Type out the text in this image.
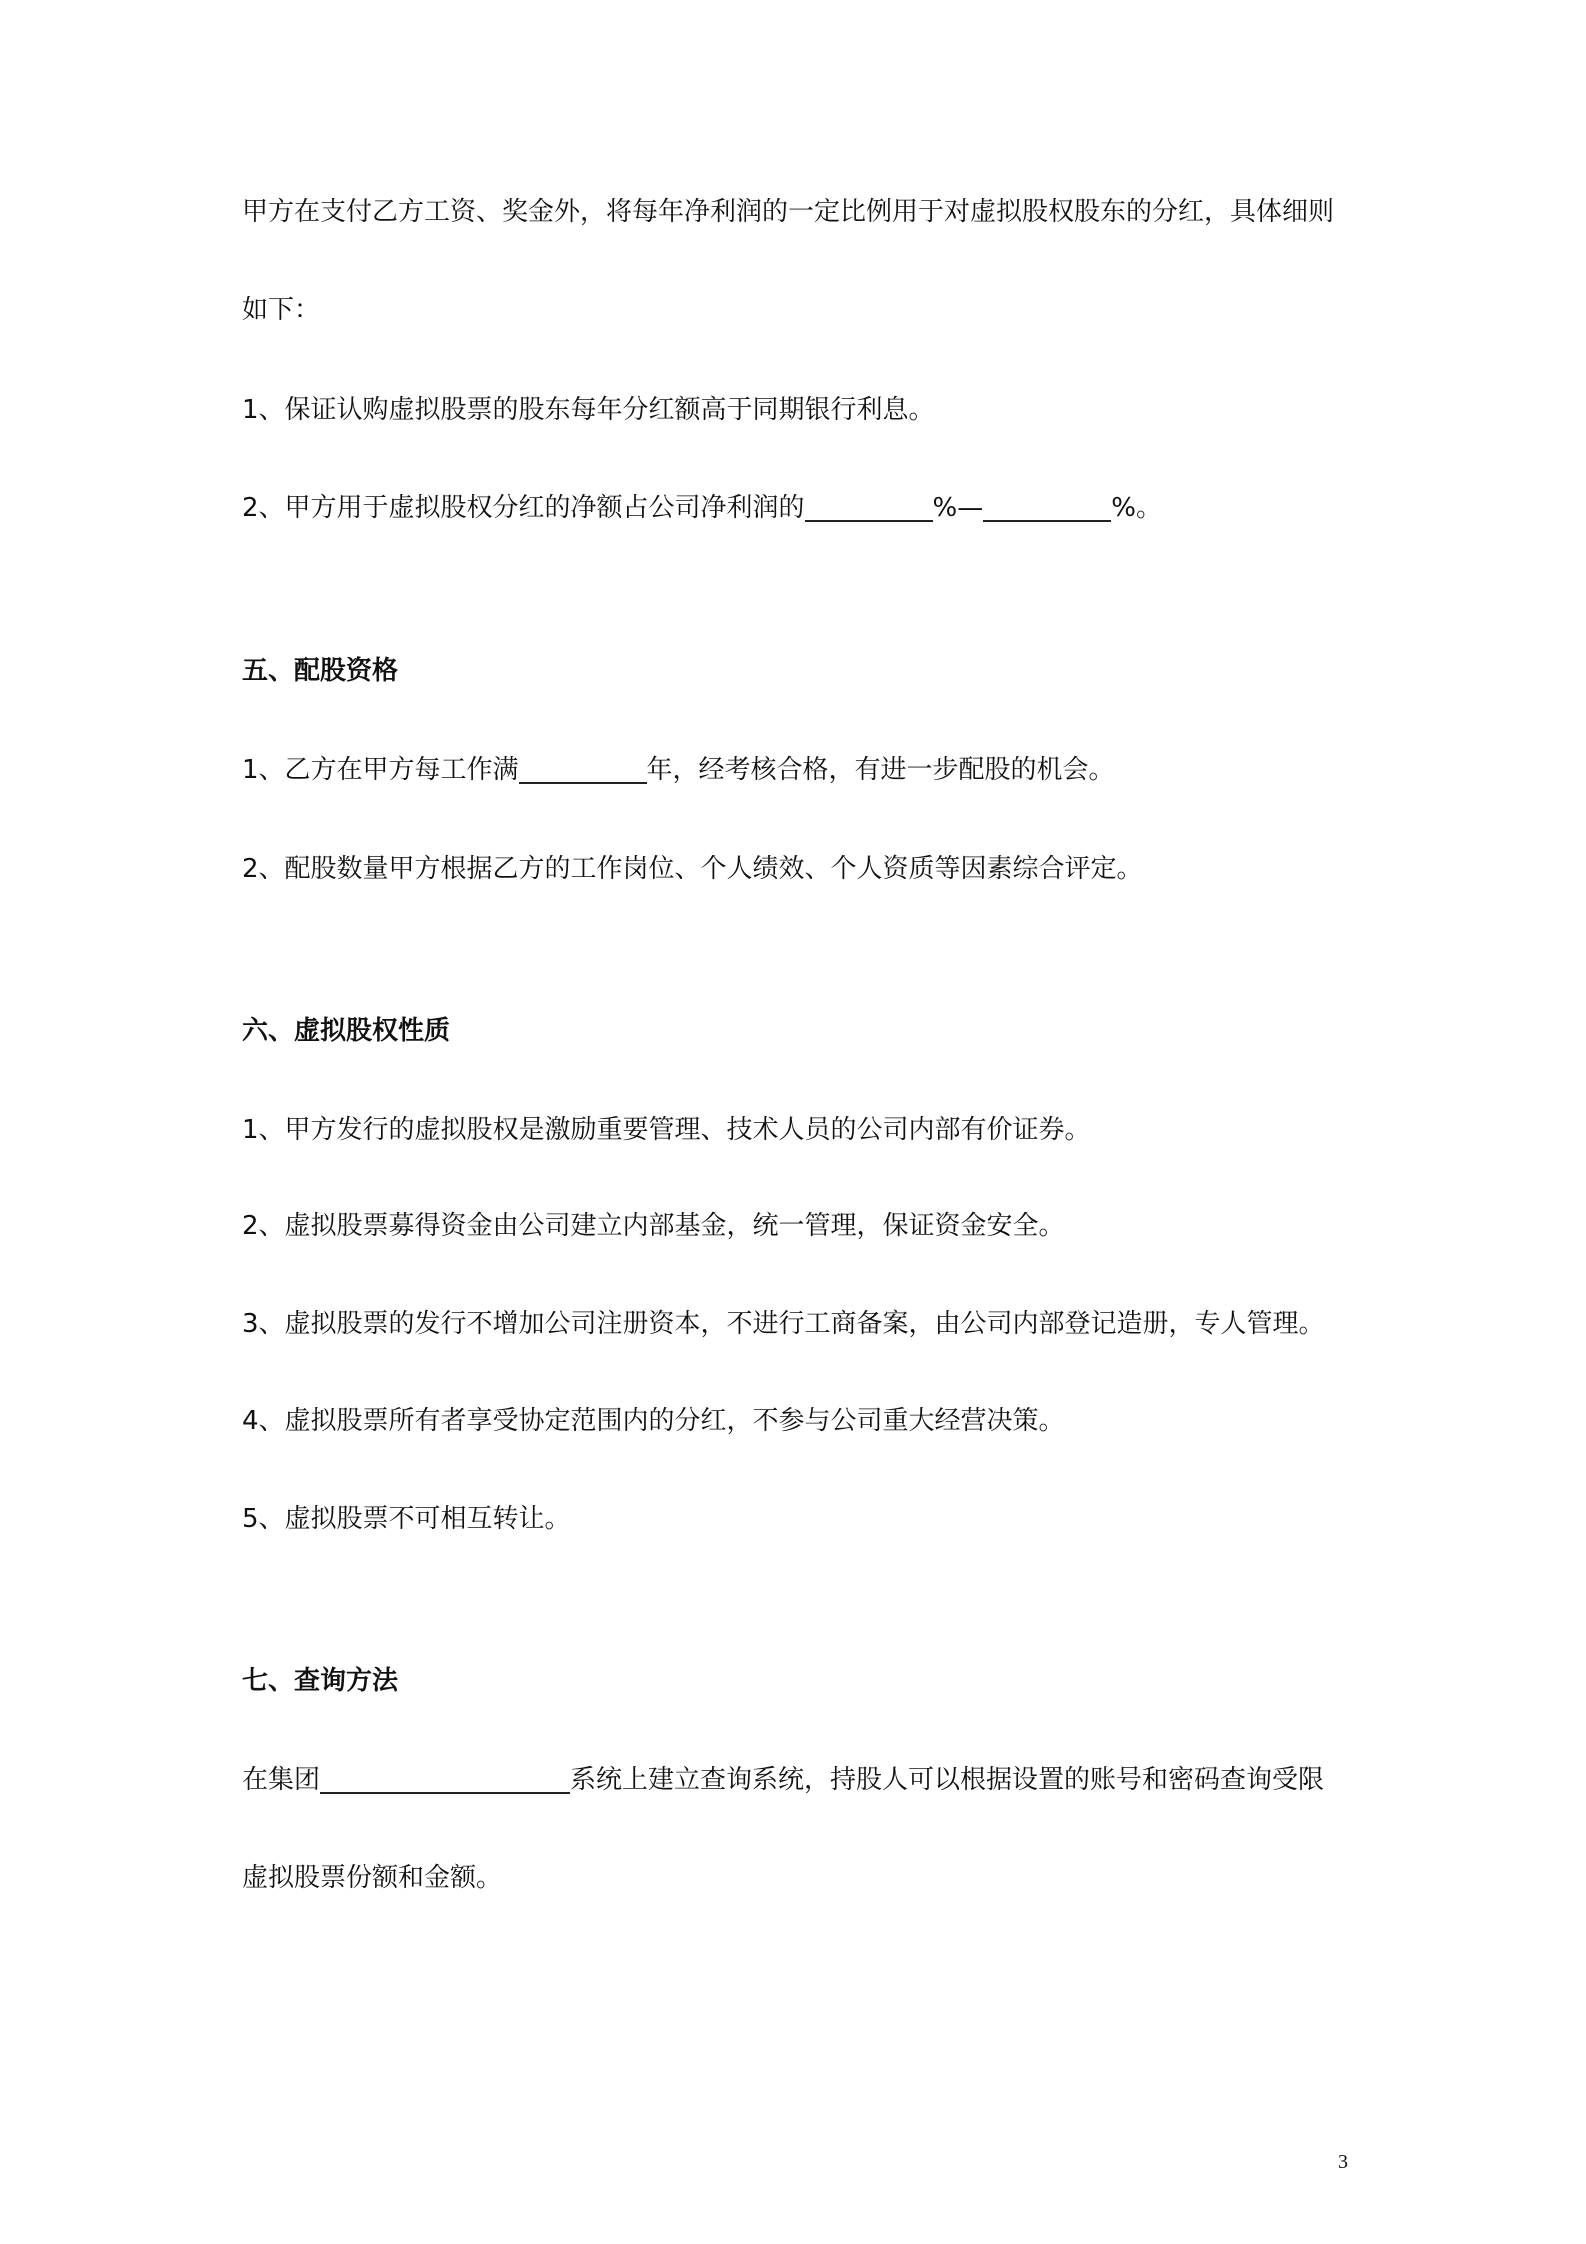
甲方在支付乙方工资、奖金外，将每年净利润的一定比例用于对虚拟股权股东的分红，具体细则
如下：
1、保证认购虚拟股票的股东每年分红额高于同期银行利息。
2、甲方用于虚拟股权分红的净额占公司净利润的	%—	%。
五、配股资格
1、乙方在甲方每工作满	年，经考核合格，有进一步配股的机会。
2、配股数量甲方根据乙方的工作岗位、个人绩效、个人资质等因素综合评定。
六、虚拟股权性质
1、甲方发行的虚拟股权是激励重要管理、技术人员的公司内部有价证券。
2、虚拟股票募得资金由公司建立内部基金，统一管理，保证资金安全。
3、虚拟股票的发行不增加公司注册资本，不进行工商备案，由公司内部登记造册，专人管理。
4、虚拟股票所有者享受协定范围内的分红，不参与公司重大经营决策。
5、虚拟股票不可相互转让。
七、查询方法
在集团	系统上建立查询系统，持股人可以根据设置的账号和密码查询受限
虚拟股票份额和金额。
3
